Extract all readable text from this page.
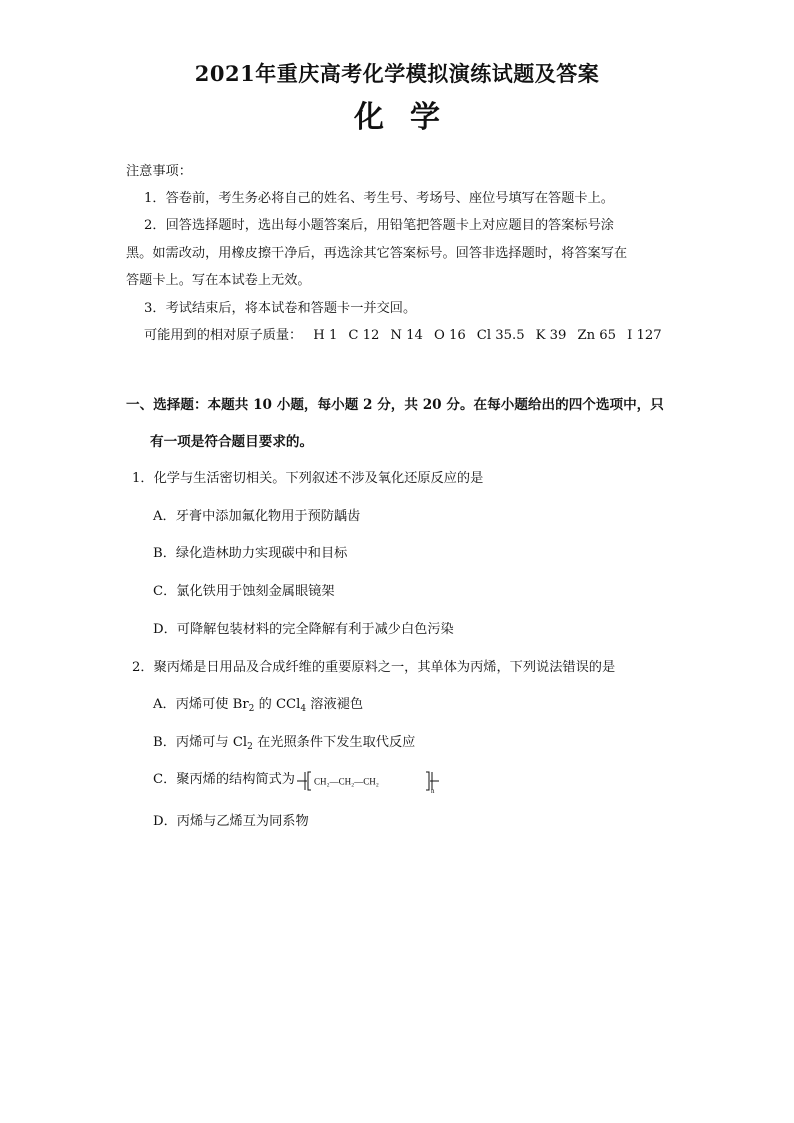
2021年重庆高考化学模拟演练试题及答案
化学
注意事项：
1．答卷前，考生务必将自己的姓名、考生号、考场号、座位号填写在答题卡上。
2．回答选择题时，选出每小题答案后，用铅笔把答题卡上对应题目的答案标号涂
黑。如需改动，用橡皮擦干净后，再选涂其它答案标号。回答非选择题时，将答案写在
答题卡上。写在本试卷上无效。
3．考试结束后，将本试卷和答题卡一并交回。
可能用到的相对原子质量： H 1 C 12 N 14 O 16 Cl 35.5 K 39 Zn 65 I 127
一、选择题：本题共 10 小题，每小题 2 分，共 20 分。在每小题给出的四个选项中，只
有一项是符合题目要求的。
1．化学与生活密切相关。下列叙述不涉及氧化还原反应的是
A．牙膏中添加氟化物用于预防龋齿
B．绿化造林助力实现碳中和目标
C．氯化铁用于蚀刻金属眼镜架
D．可降解包装材料的完全降解有利于减少白色污染
2．聚丙烯是日用品及合成纤维的重要原料之一，其单体为丙烯，下列说法错误的是
A．丙烯可使 $Br_2$ 的 CCl$_4$ 溶液褪色
B．丙烯可与 $Cl_2$ 在光照条件下发生取代反应
C．聚丙烯的结构简式为 CH₂—CH₂—CH₂
n
D．丙烯与乙烯互为同系物
